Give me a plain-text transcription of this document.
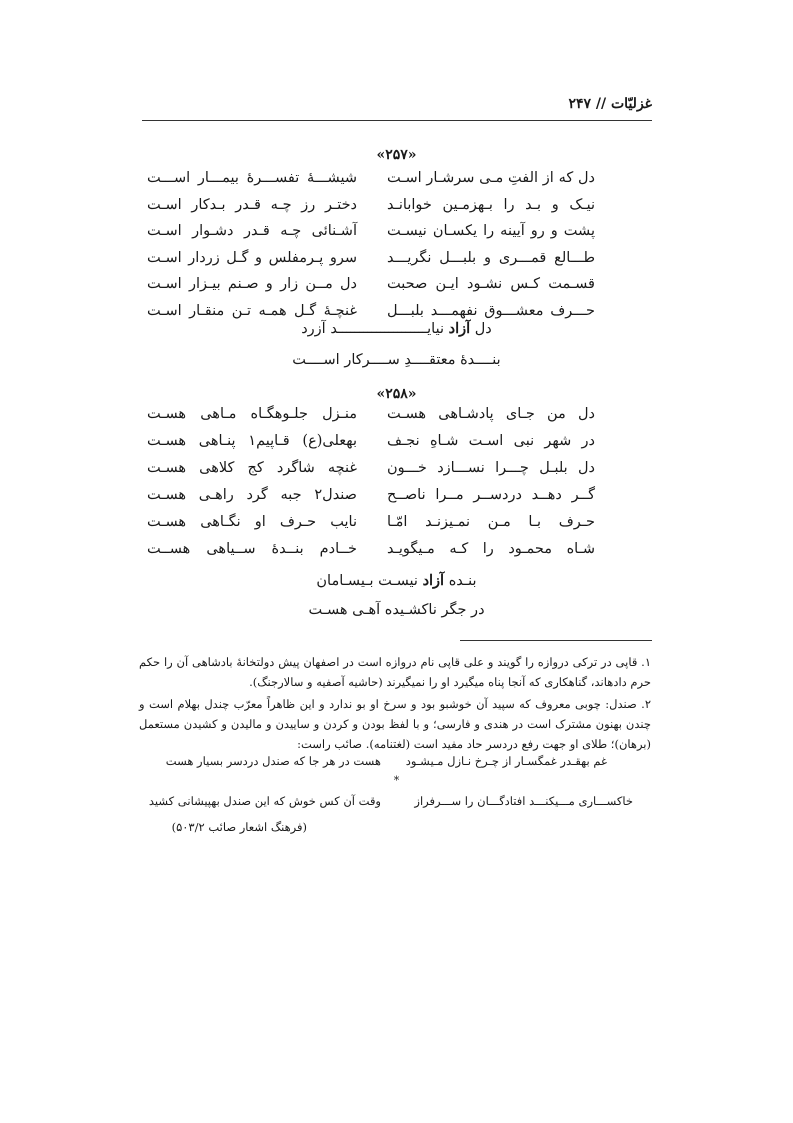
غزلیّات // ۲۴۷
«۲۵۷»
دل که از الفتِ مـی سرشـار اسـت
شیشـــۀ تفســـرۀ بیمـــار اســـت
نیـک و بـد را بـهزمـین خوابانـد
دختـر رز چـه قـدر بـدکار اسـت
پشت و رو آیینه را یکسـان نیسـت
آشـنائی چـه قـدر دشـوار اسـت
طـــالع قمـــری و بلبـــل نگریـــد
سرو پـرمفلس و گـل زردار اسـت
قسـمت کـس نشـود ایـن صحبت
دل مــن زار و صـنم بیـزار اسـت
حـــرف معشـــوق نفهمـــد بلبـــل
غنچـۀ گـل همـه تـن منقـار اسـت
دل آزاد نیایـــــــــــــــــــــد آزرد
بنــــدۀ معتقــــدِ ســــرکار اســــت
«۲۵۸»
دل من جـای پادشـاهی هسـت
منـزل جلـوهگـاه مـاهی هسـت
در شهر نبی اسـت شـاهِ نجـف
بهعلی(ع) قـاپیم۱ پنـاهی هسـت
دل بلبـل چـــرا نســـازد خـــون
غنچه شاگرد کج کلاهی هسـت
گــر دهــد دردســر مــرا ناصــح
صندل۲ جبه گرد راهـی هسـت
حـرف بـا مـن نمـیزنـد امّـا
نایب حـرف او نگـاهی هسـت
شـاه محمـود را کـه مـیگویـد
خــادم بنــدۀ ســیاهی هســت
بنـده آزاد نیسـت بـیسـامان
در جگر ناکشـیده آهـی هسـت
۱. قاپی در ترکی دروازه را گویند و علی قاپی نام دروازه است در اصفهان پیش دولتخانۀ بادشاهی آن را حکم حرم دادهاند، گناهکاری که آنجا پناه میگیرد او را نمیگیرند (حاشیه آصفیه و سالارجنگ).
۲. صندل: چوبی معروف که سپید آن خوشبو بود و سرخ او بو ندارد و این ظاهراً معرّب چندل بهلام است و چندن بهنون مشترک است در هندی و فارسی؛ و با لفظ بودن و کردن و ساییدن و مالیدن و کشیدن مستعمل (برهان)؛ طلای او جهت رفع دردسر حاد مفید است (لغتنامه). صائب راست:
غم بهقـدر غمگسـار از چـرخ نـازل مـیشـود
هست در هر جا که صندل دردسر بسیار هست
*
خاکســـاری مـــیکنـــد افتادگـــان را ســـرفراز
وقت آن کس خوش که این صندل بهپیشانی کشید
(فرهنگ اشعار صائب ۵۰۳/۲)
